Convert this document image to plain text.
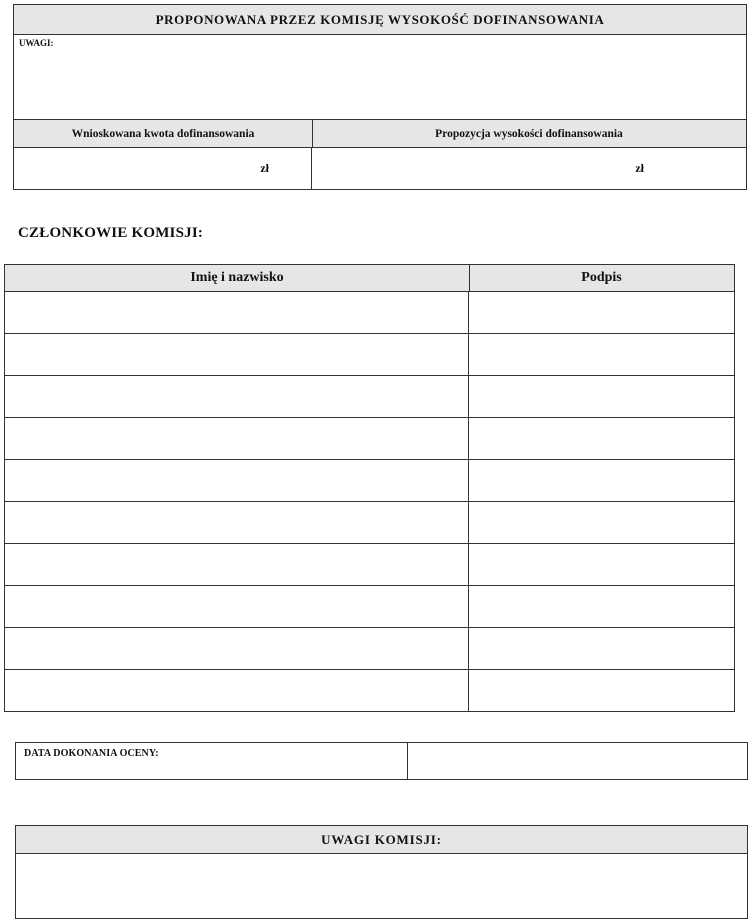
PROPONOWANA PRZEZ KOMISJĘ WYSOKOŚĆ DOFINANSOWANIA
UWAGI:
Wnioskowana kwota dofinansowania	Propozycja wysokości dofinansowania
zł	zł
CZŁONKOWIE KOMISJI:
Imię i nazwisko	Podpis
DATA DOKONANIA OCENY:
UWAGI KOMISJI:
